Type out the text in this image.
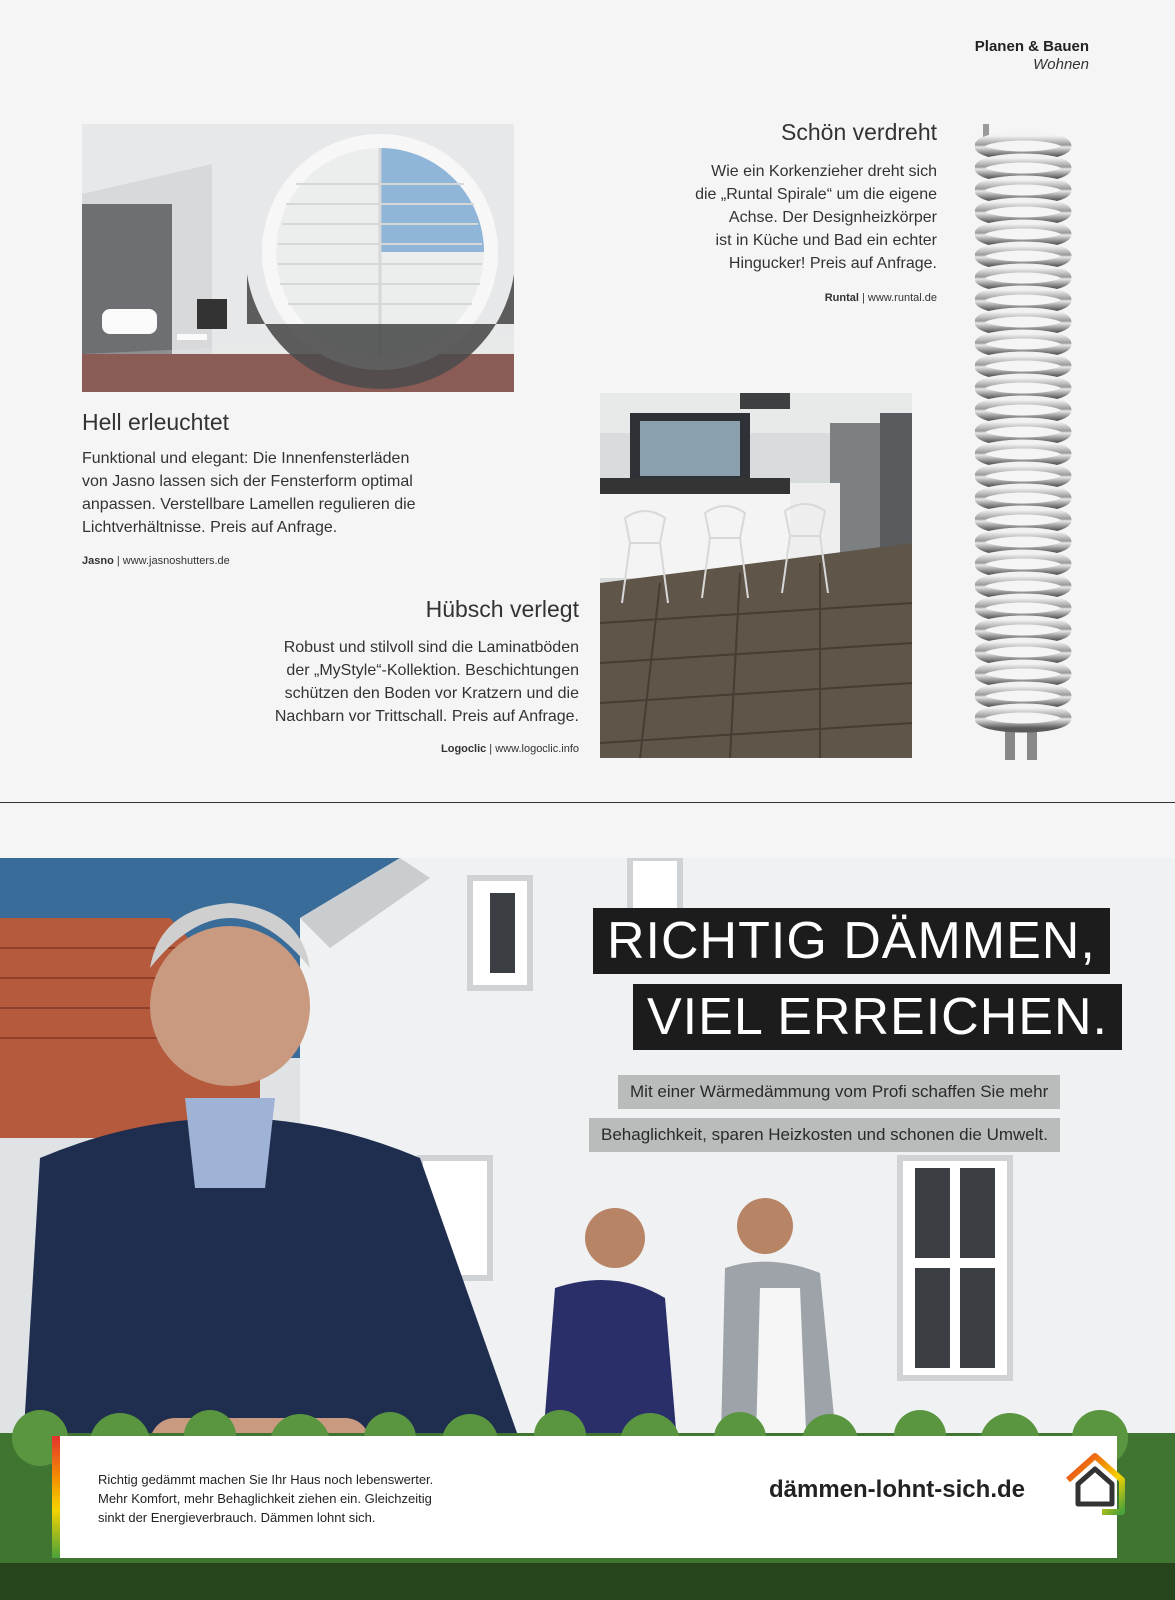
Planen & Bauen
Wohnen
Schön verdreht
Wie ein Korkenzieher dreht sich
die „Runtal Spirale“ um die eigene
Achse. Der Designheizkörper
ist in Küche und Bad ein echter
Hingucker! Preis auf Anfrage.
Runtal | www.runtal.de
Hell erleuchtet
Funktional und elegant: Die Innenfensterläden
von Jasno lassen sich der Fensterform optimal
anpassen. Verstellbare Lamellen regulieren die
Lichtverhältnisse. Preis auf Anfrage.
Jasno | www.jasnoshutters.de
Hübsch verlegt
Robust und stilvoll sind die Laminatböden
der „MyStyle“-Kollektion. Beschichtungen
schützen den Boden vor Kratzern und die
Nachbarn vor Trittschall. Preis auf Anfrage.
Logoclic | www.logoclic.info
RICHTIG DÄMMEN,
VIEL ERREICHEN.
Mit einer Wärmedämmung vom Profi schaffen Sie mehr
Behaglichkeit, sparen Heizkosten und schonen die Umwelt.
Richtig gedämmt machen Sie Ihr Haus noch lebenswerter.
Mehr Komfort, mehr Behaglichkeit ziehen ein. Gleichzeitig
sinkt der Energieverbrauch. Dämmen lohnt sich.
dämmen-lohnt-sich.de
